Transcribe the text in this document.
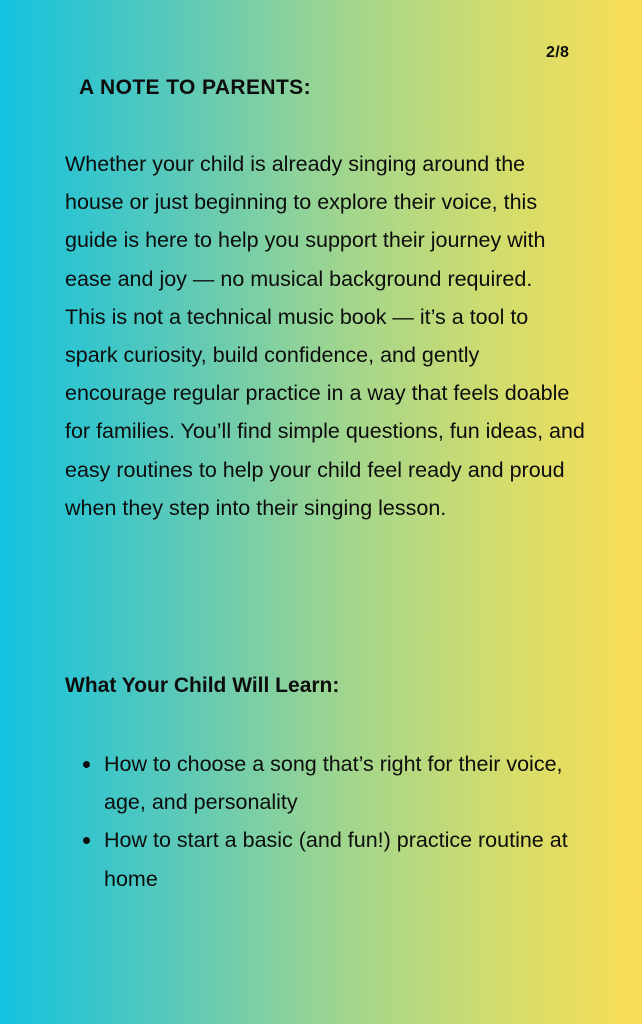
2/8
A NOTE TO PARENTS:

Whether your child is already singing around the house or just beginning to explore their voice, this guide is here to help you support their journey with ease and joy — no musical background required.

This is not a technical music book — it’s a tool to spark curiosity, build confidence, and gently encourage regular practice in a way that feels doable for families. You’ll find simple questions, fun ideas, and easy routines to help your child feel ready and proud when they step into their singing lesson.

What Your Child Will Learn:
How to choose a song that’s right for their voice, age, and personality
How to start a basic (and fun!) practice routine at home
